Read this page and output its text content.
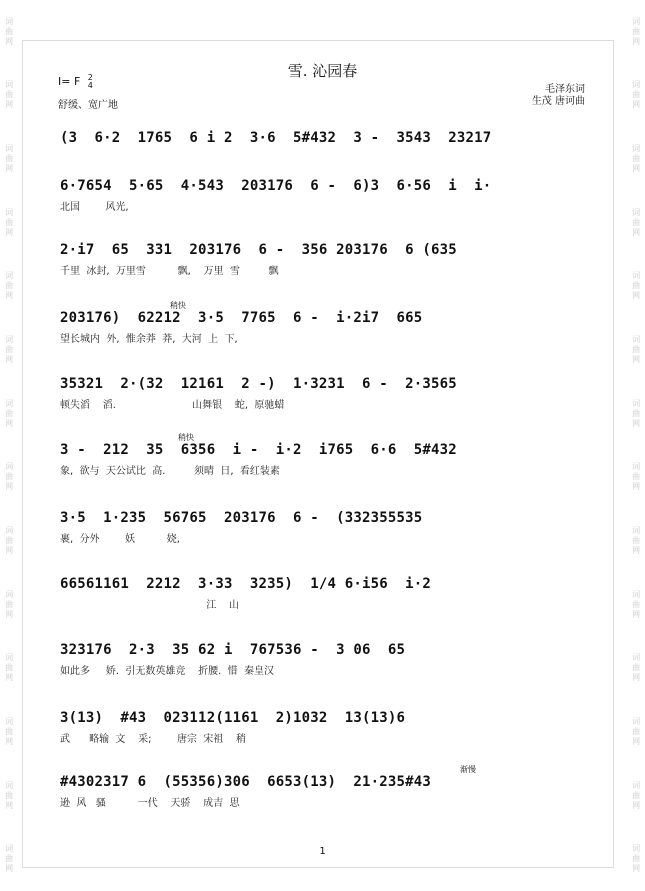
词曲网
词曲网
词曲网
词曲网
词曲网
词曲网
词曲网
词曲网
词曲网
词曲网
词曲网
词曲网
词曲网
词曲网
词曲网
词曲网
词曲网
词曲网
词曲网
词曲网
词曲网
词曲网
词曲网
词曲网
词曲网
词曲网
词曲网
词曲网
雪. 沁园春
I= F 2
4
舒缓、宽广地
毛泽东词
生茂 唐诃曲
(3  6·2  1765  6 i 2  3·6  5#432  3 -  3543  23217
6·7654  5·65  4·543  203176  6 -  6)3  6·56  i  i·
北国        风光,
2·i7  65  331  203176  6 -  356 203176  6 (635
千里  冰封,  万里雪          飘,    万里  雪         飘
稍快
203176)  62212  3·5  7765  6 -  i·2i7  665
望长城内  外,  惟余莽  莽,  大河  上  下,
35321  2·(32  12161  2 -)  1·3231  6 -  2·3565
顿失滔    滔.                        山舞银    蛇,  原驰蜡
稍快
3 -  212  35  6356  i -  i·2  i765  6·6  5#432
象,  欲与  天公试比  高.         须晴  日,  看红装素
3·5  1·235  56765  203176  6 -  (332355535
裹,  分外        妖          娆,
66561161  2212  3·33  3235)  1/4 6·i56  i·2
江    山
323176  2·3  35 62 i  767536 -  3 06  65
如此多     娇.  引无数英雄竞    折腰.  惜  秦皇汉
3(13)  #43  023112(1161  2)1032  13(13)6
武      略输  文    采;        唐宗  宋祖    稍
渐慢
#4302317 6  (55356)306  6653(13)  21·235#43
逊  风   骚          一代    天骄    成吉  思
1
